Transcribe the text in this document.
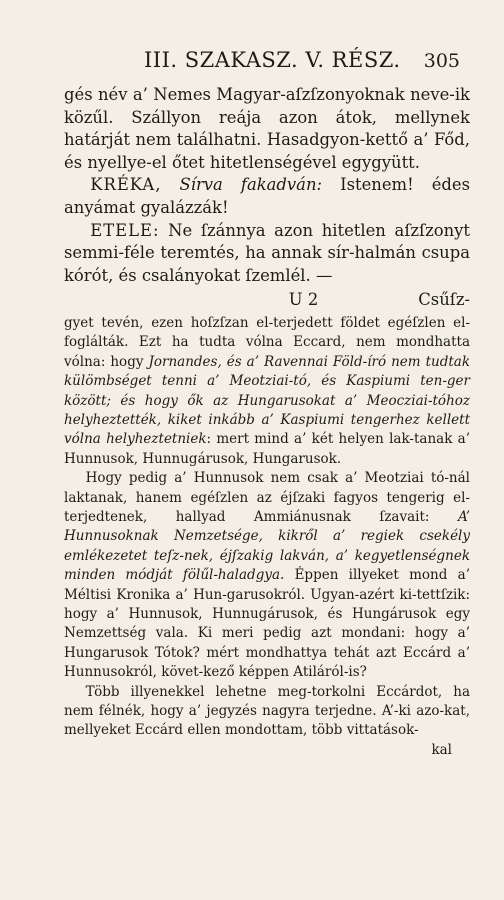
III. SZAKASZ. V. RÉSZ. 305

gés név a’ Nemes Magyar-aſzſzonyoknak neve-ik közűl. Szállyon reája azon átok, mellynek határját nem találhatni. Hasadgyon-kettő a’ Főd, és nyellye-el őtet hitetlenségével egygyütt.

KRÉKA, Sírva fakadván: Istenem! édes anyámat gyalázzák!

ETELE: Ne ſzánnya azon hitetlen aſzſzonyt semmi-féle teremtés, ha annak sír-halmán csupa kórót, és csalányokat ſzemlél. —

U 2	Csűſz-

gyet tevén, ezen hoſzſzan el-terjedett földet egéſzlen el-foglálták. Ezt ha tudta vólna Eccard, nem mondhatta vólna: hogy Jornandes, és a’ Ravennai Föld-író nem tudtak külömbséget tenni a’ Meotziai-tó, és Kaspiumi ten-ger között; és hogy ők az Hungarusokat a’ Meocziai-tóhoz helyheztették, kiket inkább a’ Kaspiumi tengerhez kellett vólna helyheztetniek: mert mind a’ két helyen lak-tanak a’ Hunnusok, Hunnugárusok, Hungarusok.

Hogy pedig a’ Hunnusok nem csak a’ Meotziai tó-nál laktanak, hanem egéſzlen az éjſzaki fagyos tengerig el-terjedtenek, hallyad Ammiánusnak ſzavait: A’ Hunnusoknak Nemzetsége, kikről a’ regiek csekély emlékezetet teſz-nek, éjſzakig lakván, a’ kegyetlenségnek minden módját fölűl-haladgya. Éppen illyeket mond a’ Méltisi Kronika a’ Hun-garusokról. Ugyan-azért ki-tettſzik: hogy a’ Hunnusok, Hunnugárusok, és Hungárusok egy Nemzettség vala. Ki meri pedig azt mondani: hogy a’ Hungarusok Tótok? mért mondhattya tehát azt Eccárd a’ Hunnusokról, követ-kező képpen Atiláról-is?

Több illyenekkel lehetne meg-torkolni Eccárdot, ha nem félnék, hogy a’ jegyzés nagyra terjedne. A’-ki azo-kat, mellyeket Eccárd ellen mondottam, több vittatások-

kal
